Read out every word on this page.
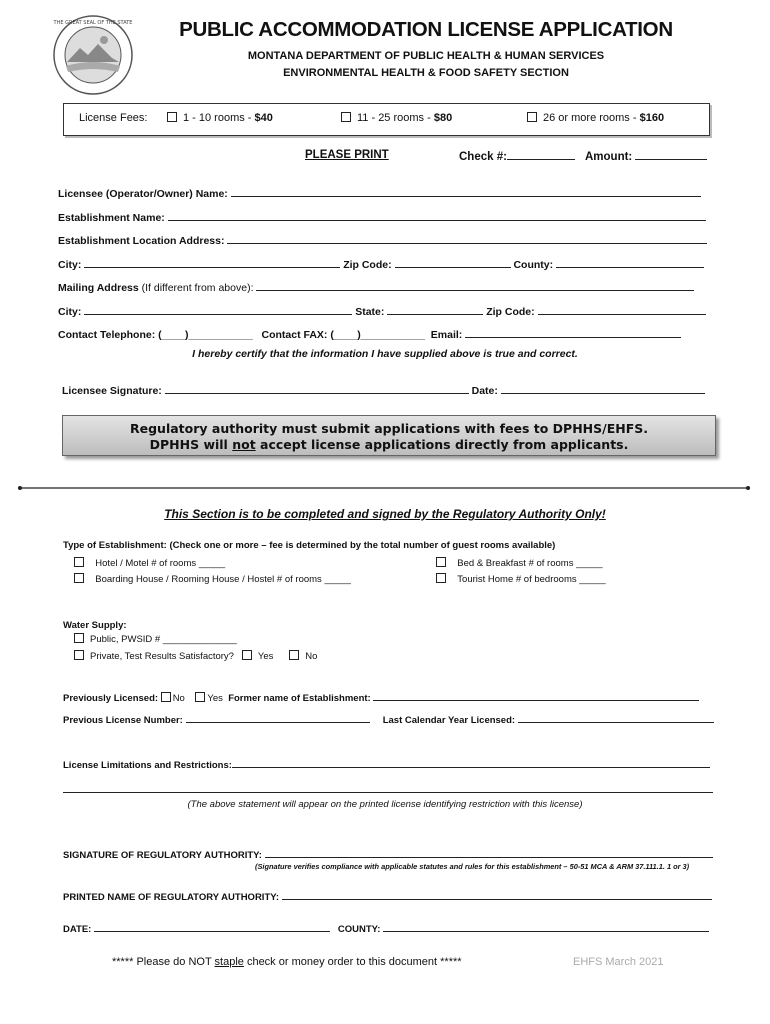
THE GREAT SEAL OF THE STATE	PUBLIC ACCOMMODATION LICENSE APPLICATION
MONTANA DEPARTMENT OF PUBLIC HEALTH & HUMAN SERVICES
ENVIRONMENTAL HEALTH & FOOD SAFETY SECTION
License Fees:	1 - 10 rooms - $40	11 - 25 rooms - $80	26 or more rooms - $160
PLEASE PRINT	Check #:	Amount:
Licensee (Operator/Owner) Name:
Establishment Name:
Establishment Location Address:
City:	Zip Code:	County:
Mailing Address (If different from above):
City:	State:	Zip Code:
Contact Telephone: (____)___________ Contact FAX: (____)___________ Email:
I hereby certify that the information I have supplied above is true and correct.
Licensee Signature:	Date:
Regulatory authority must submit applications with fees to DPHHS/EHFS.
DPHHS will not accept license applications directly from applicants.
This Section is to be completed and signed by the Regulatory Authority Only!
Type of Establishment: (Check one or more – fee is determined by the total number of guest rooms available)
Hotel / Motel # of rooms _____
Boarding House / Rooming House / Hostel # of rooms _____
Bed & Breakfast # of rooms _____
Tourist Home # of bedrooms _____
Water Supply:
Public, PWSID # ______________
Private, Test Results Satisfactory?	Yes	No
Previously Licensed: No Yes Former name of Establishment:
Previous License Number:	Last Calendar Year Licensed:
License Limitations and Restrictions:
(The above statement will appear on the printed license identifying restriction with this license)
SIGNATURE OF REGULATORY AUTHORITY:
(Signature verifies compliance with applicable statutes and rules for this establishment – 50-51 MCA & ARM 37.111.1. 1 or 3)
PRINTED NAME OF REGULATORY AUTHORITY:
DATE:	COUNTY:
***** Please do NOT staple check or money order to this document *****	EHFS March 2021
